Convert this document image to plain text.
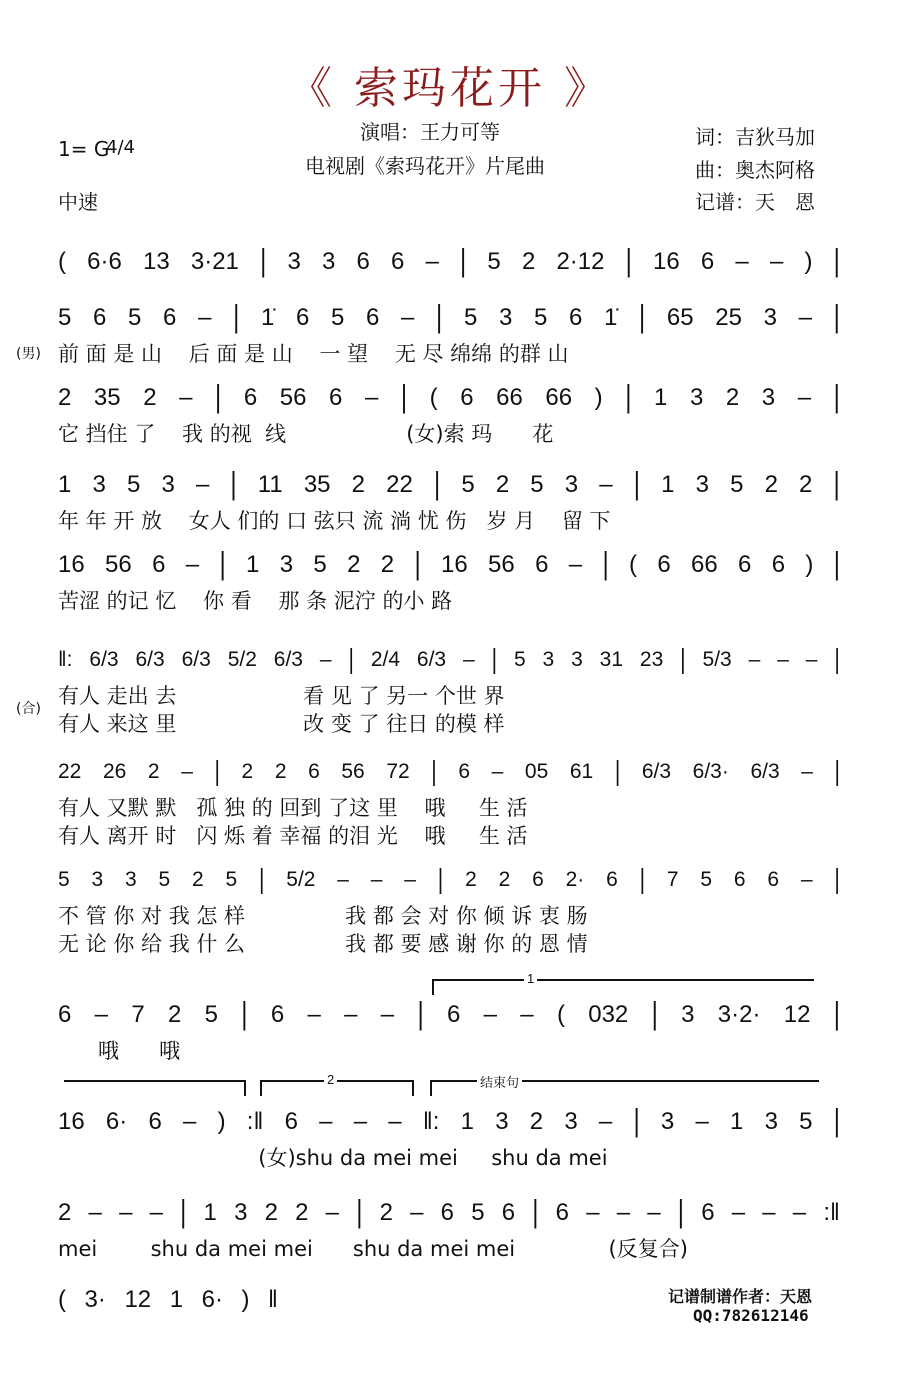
《 索玛花开 》
1= G
4/4
中速
演唱：王力可等
电视剧《索玛花开》片尾曲
词：吉狄马加
曲：奥杰阿格
记谱：天　恩
( 6·6 13 3·21 | 3 3 6 6 – | 5 2 2·12 | 16 6 – – ) |
5 6 5 6 – | 1̇ 6 5 6 – | 5 3 5 6 1̇ | 65 25 3 – |
(男) 前 面 是 山    后 面 是 山    一 望    无 尽 绵绵 的群 山
2 35 2 – | 6 56 6 – | ( 6 66 66 ) | 1 3 2 3 – |
它 挡住 了    我 的视  线                  (女)索 玛      花
1 3 5 3 – | 11 35 2 22 | 5 2 5 3 – | 1 3 5 2 2 |
年 年 开 放    女人 们的 口 弦只 流 淌 忧 伤   岁 月    留 下
16 56 6 – | 1 3 5 2 2 | 16 56 6 – | ( 6 66 6 6 ) |
苦涩 的记 忆    你 看    那 条 泥泞 的小 路
‖: 6/3 6/3 6/3 5/2 6/3 – | 2/4 6/3 – | 5 3 3 31 23 | 5/3 – – – |
(合)
有人 走出 去                   看 见 了 另一 个世 界
有人 来这 里                   改 变 了 往日 的模 样
22 26 2 – | 2 2 6 56 72 | 6 – 05 61 | 6/3 6/3· 6/3 – |
有人 又默 默   孤 独 的 回到 了这 里    哦     生 活
有人 离开 时   闪 烁 着 幸福 的泪 光    哦     生 活
5 3 3 5 2 5 | 5/2 – – – | 2 2 6 2· 6 | 7 5 6 6 – |
不 管 你 对 我 怎 样               我 都 会 对 你 倾 诉 衷 肠
无 论 你 给 我 什 么               我 都 要 感 谢 你 的 恩 情
6 – 7 2 5 | 6 – – – | 6 – – ( 032 | 3 3·2· 12 |
哦      哦
1
16 6· 6 – ) :‖ 6 – – – ‖: 1 3 2 3 – | 3 – 1 3 5 |
(女)shu da mei mei     shu da mei
2	结束句
2 – – – | 1 3 2 2 – | 2 – 6 5 6 | 6 – – – | 6 – – – :‖
mei        shu da mei mei      shu da mei mei              (反复合)
( 3· 12 1 6· ) ‖	记谱制谱作者：天恩
QQ:782612146
